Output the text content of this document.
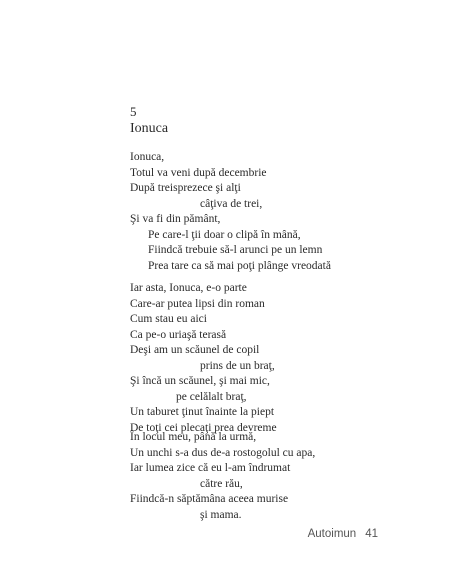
5
Ionuca
Ionuca,
Totul va veni după decembrie
După treisprezece şi alţi
câţiva de trei,
Şi va fi din pământ,
Pe care-l ţii doar o clipă în mână,
Fiindcă trebuie să-l arunci pe un lemn
Prea tare ca să mai poţi plânge vreodată
Iar asta, Ionuca, e-o parte
Care-ar putea lipsi din roman
Cum stau eu aici
Ca pe-o uriaşă terasă
Deşi am un scăunel de copil
prins de un braţ,
Şi încă un scăunel, şi mai mic,
pe celălalt braţ,
Un taburet ţinut înainte la piept
De toţi cei plecaţi prea devreme
În locul meu, până la urmă,
Un unchi s-a dus de-a rostogolul cu apa,
Iar lumea zice că eu l-am îndrumat
către rău,
Fiindcă-n săptămâna aceea murise
şi mama.
Autoimun 41
